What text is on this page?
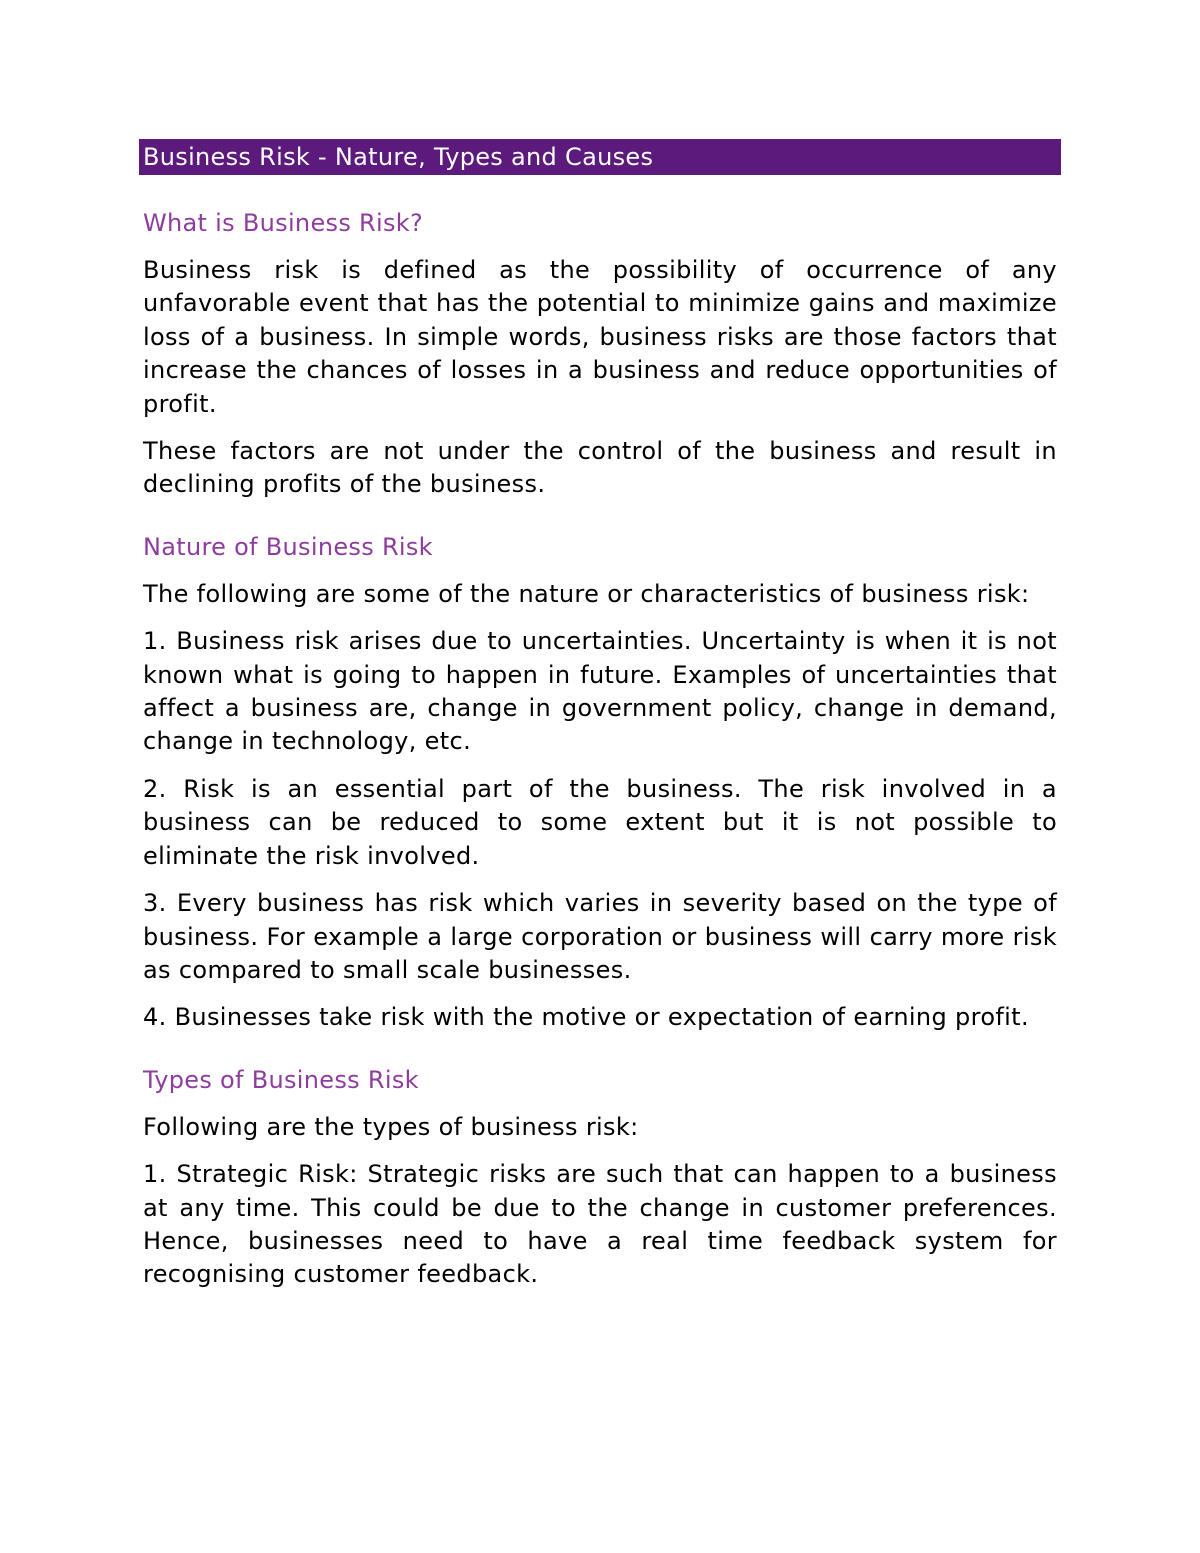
Business Risk - Nature, Types and Causes
What is Business Risk?

Business risk is defined as the possibility of occurrence of any unfavorable event that has the potential to minimize gains and maximize loss of a business. In simple words, business risks are those factors that increase the chances of losses in a business and reduce opportunities of profit.

These factors are not under the control of the business and result in declining profits of the business.

Nature of Business Risk

The following are some of the nature or characteristics of business risk:

1. Business risk arises due to uncertainties. Uncertainty is when it is not known what is going to happen in future. Examples of uncertainties that affect a business are, change in government policy, change in demand, change in technology, etc.

2. Risk is an essential part of the business. The risk involved in a business can be reduced to some extent but it is not possible to eliminate the risk involved.

3. Every business has risk which varies in severity based on the type of business. For example a large corporation or business will carry more risk as compared to small scale businesses.

4. Businesses take risk with the motive or expectation of earning profit.

Types of Business Risk

Following are the types of business risk:

1. Strategic Risk: Strategic risks are such that can happen to a business at any time. This could be due to the change in customer preferences. Hence, businesses need to have a real time feedback system for recognising customer feedback.
